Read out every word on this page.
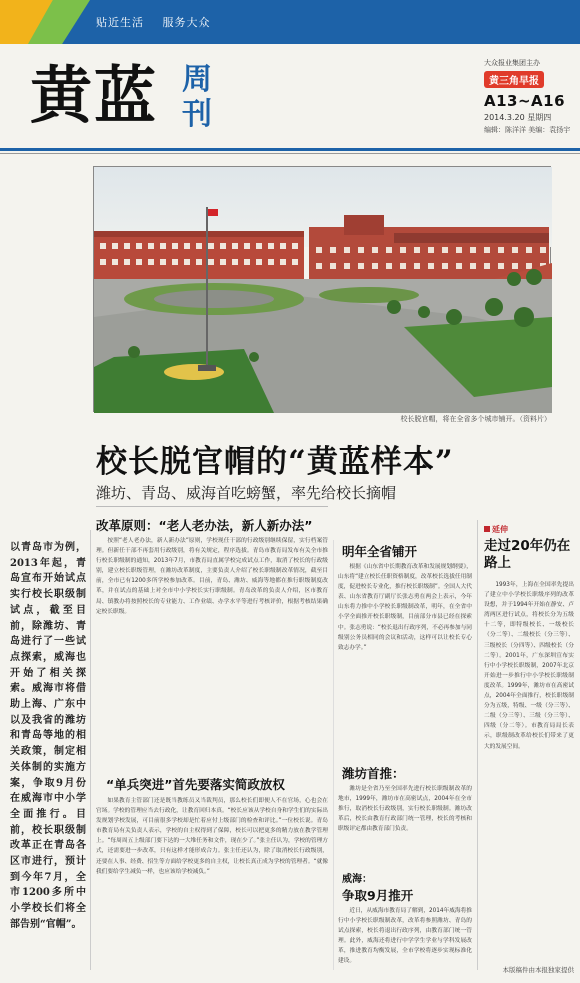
贴近生活 服务大众
黄蓝 周刊
大众报业集团主办
黄三角早报
A13~A16
2014.3.20 星期四
编辑：陈洋洋 美编：袁扬宇
校长脱官帽，将在全省多个城市铺开。（资料片）
校长脱官帽的“黄蓝样本”
潍坊、青岛、威海首吃螃蟹，率先给校长摘帽
以青岛市为例，2013年起，青岛宣布开始试点实行校长职级制试点，截至目前，除潍坊、青岛进行了一些试点探索，威海也开始了相关探索。威海市将借助上海、广东中以及我省的潍坊和青岛等地的相关政策，制定相关体制的实施方案，争取9月份在威海市中小学全面推行。目前，校长职级制改革正在青岛各区市进行，预计到今年7月，全市1200多所中小学校长们将全部告别“官帽”。
改革原则：“老人老办法，新人新办法”

按照“老人老办法，新人新办法”原则，学校现任干部的行政级别继续保留，实行档案管理。但新任干部不再套用行政级别，将有关规定，程序选拔。青岛市教育局发布有关全市推行校长职级制的通知，2013年7月，市教育局直属学校完成试点工作，取消了校长的行政级别，建立校长职级管理，在潍坊改革制度，主要负责人介绍了校长职级制改革情况，截至目前，全市已有1200多所学校参加改革。目前，青岛、潍坊、威海等地都在推行职级制度改革，并在试点的基础上对全市中小学校长实行职级制。青岛改革的负责人介绍，区市教育局、镇教办将按照校长的专业能力、工作业绩、办学水平等进行考核评价，根据考核结果确定校长职级。

“单兵突进”首先要落实简政放权

如果教育主管部门还是既当教练员又当裁判员，那么校长们即便人不在官场，心也会在官场。学校的管理应当去行政化，让教育回归本真。“校长应该从学校自身和学生们的实际出发规划学校发展，可目前很多学校却是忙着应付上级部门的检查和评比。”一位校长说。青岛市教育局有关负责人表示，学校的自主权得到了保障，校长可以把更多的精力放在教学管理上。“每周周五上级部门要下达的一大堆任务和文件，现在少了。”张主任认为，学校的管理方式，还需要进一步改革，只有这样才能形成合力。张主任还认为，除了取消校长行政级别，还要在人事、经费、招生等方面给学校更多的自主权，让校长真正成为学校的管理者。“就像我们要给学生减负一样，也应该给学校减负。”

明年全省铺开

根据《山东省中长期教育改革和发展规划纲要》，山东将“建立校长任职资格制度，改革校长选拔任用制度，促进校长专业化，推行校长职级制”。全国人大代表、山东省教育厅副厅长张志勇在两会上表示，今年山东将力推中小学校长职级制改革，明年，在全省中小学全面推开校长职级制，目前部分市县已经在探索中。张志勇说：“校长退出行政序列，不必再参加与同级别公务员相同的会议和活动，这样可以让校长专心致志办学。”

潍坊首推：

潍坊是全省乃至全国率先进行校长职级制改革的地市，1999年，潍坊市在高密试点，2004年在全市推行，取消校长行政级别，实行校长职级制。潍坊改革后，校长由教育行政部门统一管理，校长的考核和职级评定都由教育部门负责。

威海：
争取9月推开

近日，从威海市教育局了解到，2014年威海将推行中小学校长职级制改革，改革将参照潍坊、青岛的试点探索，校长将退出行政序列，由教育部门统一管理。此外，威海还将进行中学学生学业与学科发展改革，推进教育均衡发展，全市学校将逐步实现标准化建设。

延伸
走过20年仍在路上

1993年，上海在全国率先提出了建立中小学校长职级序列的改革设想，并于1994年开始在静安、卢湾两区进行试点，将校长分为五级十二等，即特级校长、一级校长（分二等）、二级校长（分三等）、三级校长（分四等）、四级校长（分二等）。2001年，广东深圳宣布实行中小学校长职级制，2007年北京开始进一步推行中小学校长职级制度改革。1999年，潍坊市在高密试点，2004年全面推行，校长职级制分为五级，特级、一级（分三等）、二级（分三等）、三级（分三等）、四级（分二等）。市教育局局长表示，职级制改革给校长们带来了更大的发展空间。

本版稿件由本报独家提供
